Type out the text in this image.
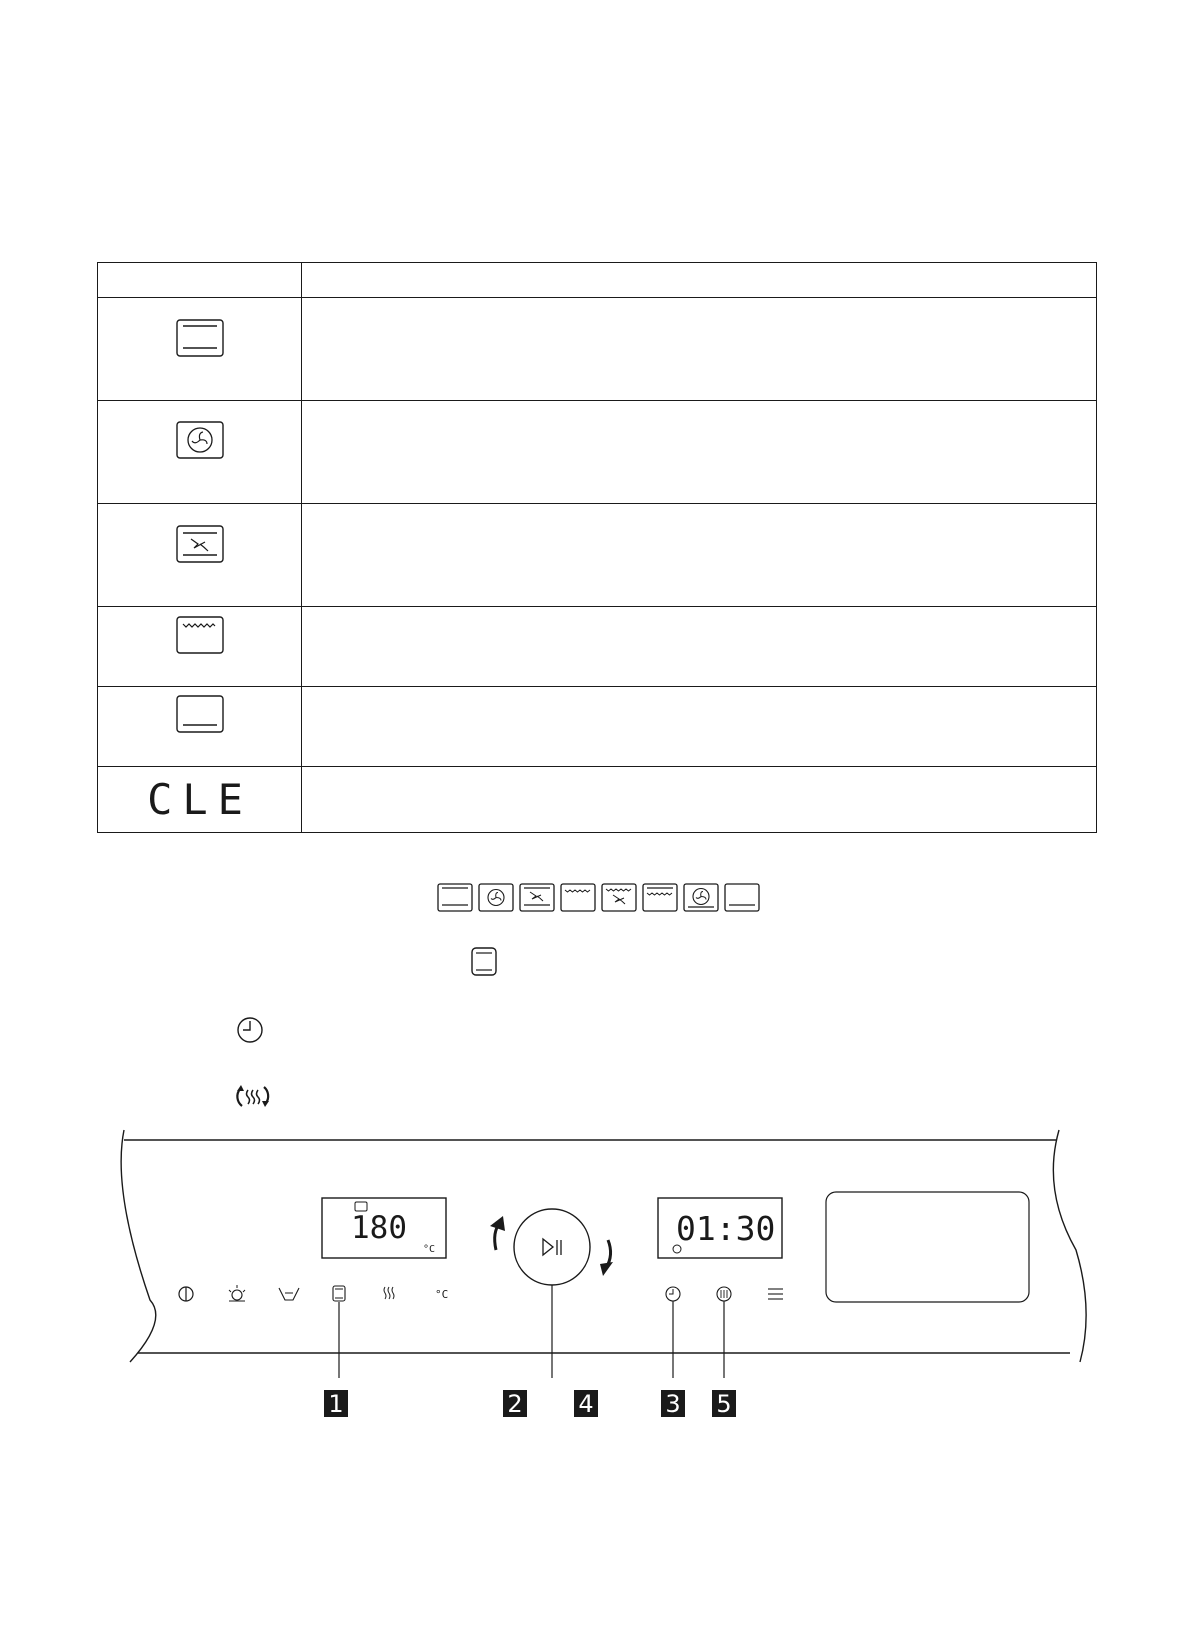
CLE
180
°C
01:30
°C
1	2 4	3 5
